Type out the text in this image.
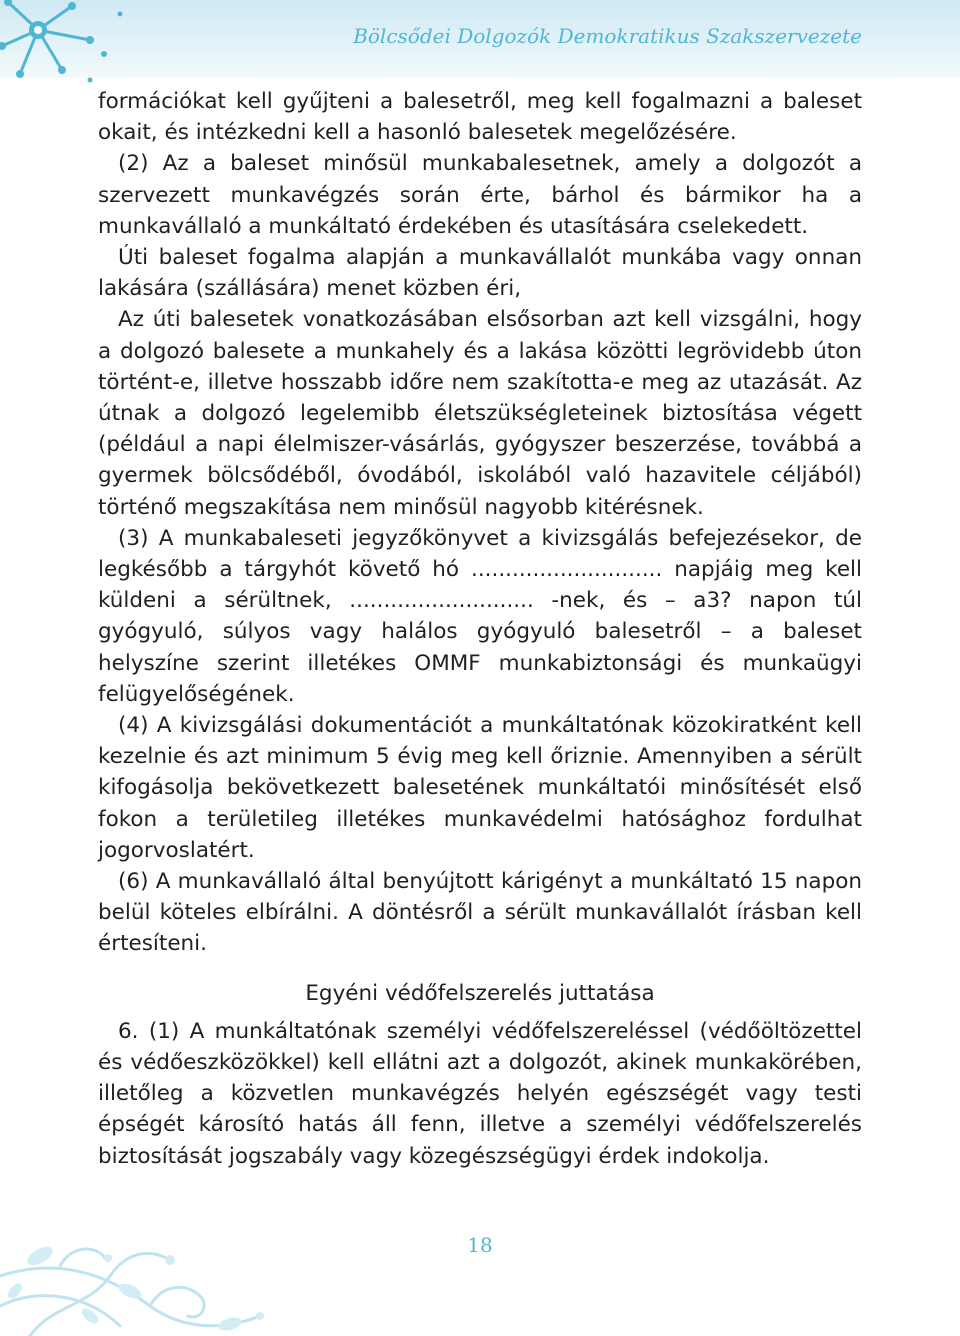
Bölcsődei Dolgozók Demokratikus Szakszervezete

formációkat kell gyűjteni a balesetről, meg kell fogalmazni a baleset okait, és intézkedni kell a hasonló balesetek megelőzésére.

(2) Az a baleset minősül munkabalesetnek, amely a dolgozót a szervezett munkavégzés során érte, bárhol és bármikor ha a munkavállaló a munkáltató érdekében és utasítására cselekedett.

Úti baleset fogalma alapján a munkavállalót munkába vagy onnan lakására (szállására) menet közben éri,

Az úti balesetek vonatkozásában elsősorban azt kell vizsgálni, hogy a dolgozó balesete a munkahely és a lakása közötti legrövidebb úton történt-e, illetve hosszabb időre nem szakította-e meg az utazását. Az útnak a dolgozó legelemibb életszükségleteinek biztosítása végett (például a napi élelmiszer-vásárlás, gyógyszer beszerzése, továbbá a gyermek bölcsődéből, óvodából, iskolából való hazavitele céljából) történő megszakítása nem minősül nagyobb kitérésnek.

(3) A munkabaleseti jegyzőkönyvet a kivizsgálás befejezésekor, de legkésőbb a tárgyhót követő hó ............................ napjáig meg kell küldeni a sérültnek, ........................... -nek, és – a3? napon túl gyógyuló, súlyos vagy halálos gyógyuló balesetről – a baleset helyszíne szerint illetékes OMMF munkabiztonsági és munkaügyi felügyelőségének.

(4) A kivizsgálási dokumentációt a munkáltatónak közokiratként kell kezelnie és azt minimum 5 évig meg kell őriznie. Amennyiben a sérült kifogásolja bekövetkezett balesetének munkáltatói minősítését első fokon a területileg illetékes munkavédelmi hatósághoz fordulhat jogorvoslatért.

(6) A munkavállaló által benyújtott kárigényt a munkáltató 15 napon belül köteles elbírálni. A döntésről a sérült munkavállalót írásban kell értesíteni.

Egyéni védőfelszerelés juttatása

6. (1) A munkáltatónak személyi védőfelszereléssel (védőöltözettel és védőeszközökkel) kell ellátni azt a dolgozót, akinek munkakörében, illetőleg a közvetlen munkavégzés helyén egészségét vagy testi épségét károsító hatás áll fenn, illetve a személyi védőfelszerelés biztosítását jogszabály vagy közegészségügyi érdek indokolja.

18
